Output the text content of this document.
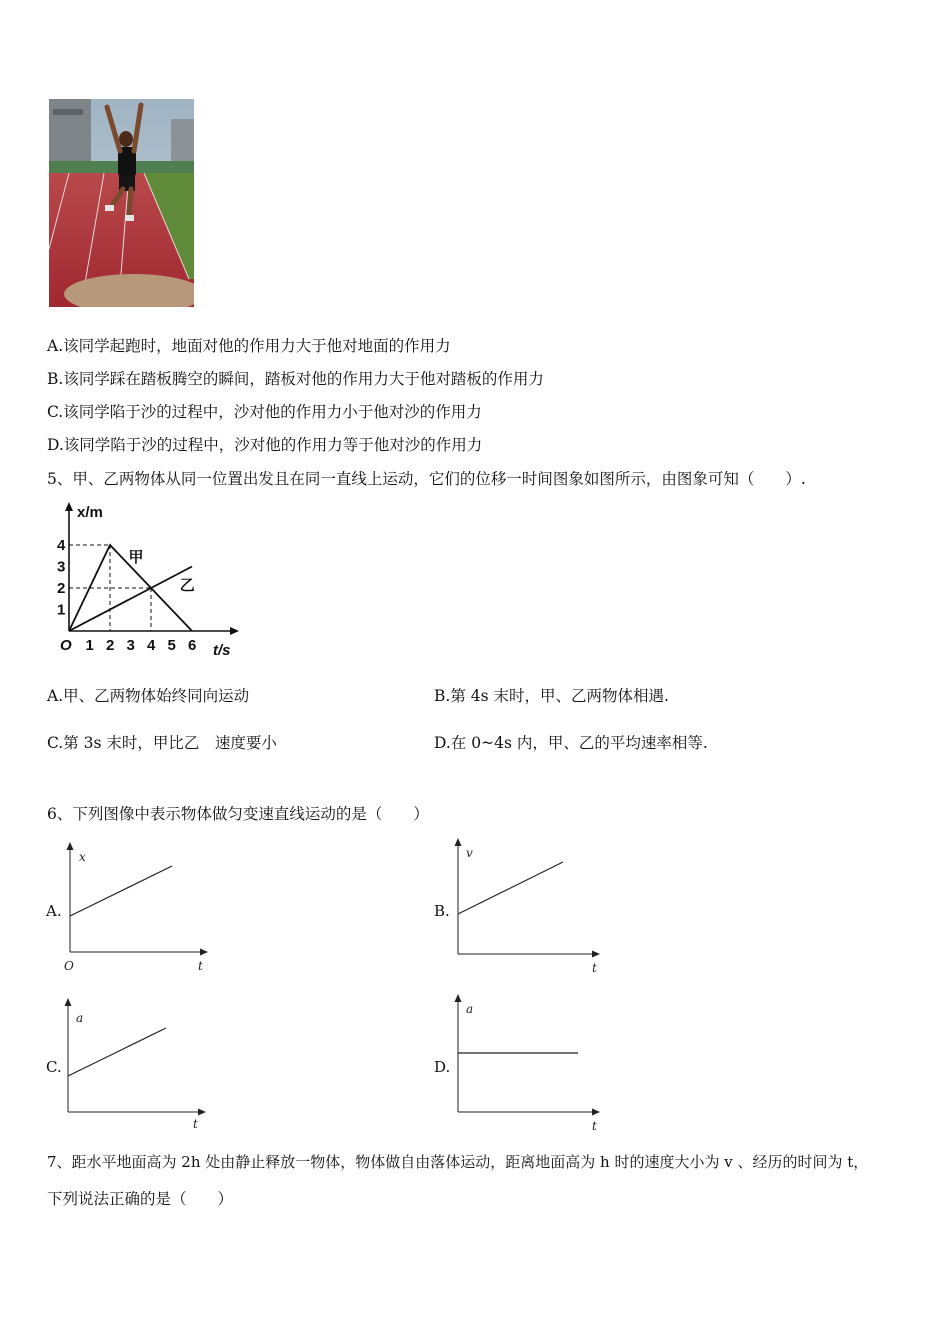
A.该同学起跑时，地面对他的作用力大于他对地面的作用力
B.该同学踩在踏板腾空的瞬间，踏板对他的作用力大于他对踏板的作用力
C.该同学陷于沙的过程中，沙对他的作用力小于他对沙的作用力
D.该同学陷于沙的过程中，沙对他的作用力等于他对沙的作用力
5、甲、乙两物体从同一位置出发且在同一直线上运动，它们的位移一时间图象如图所示，由图象可知（　　）.
x/m
t/s
O 1 2 3 4 5 6
1
2
3
4
甲
乙
A.甲、乙两物体始终同向运动	B.第 4s 末时，甲、乙两物体相遇.
C.第 3s 末时，甲比乙　速度要小	D.在 0~4s 内，甲、乙的平均速率相等.
6、下列图像中表示物体做匀变速直线运动的是（　　）
A.
x
t
O
B.
v
t
C.
a
t
D.
a
t
7、距水平地面高为 2h 处由静止释放一物体，物体做自由落体运动，距离地面高为 h 时的速度大小为 v 、经历的时间为 t，
下列说法正确的是（　　）
